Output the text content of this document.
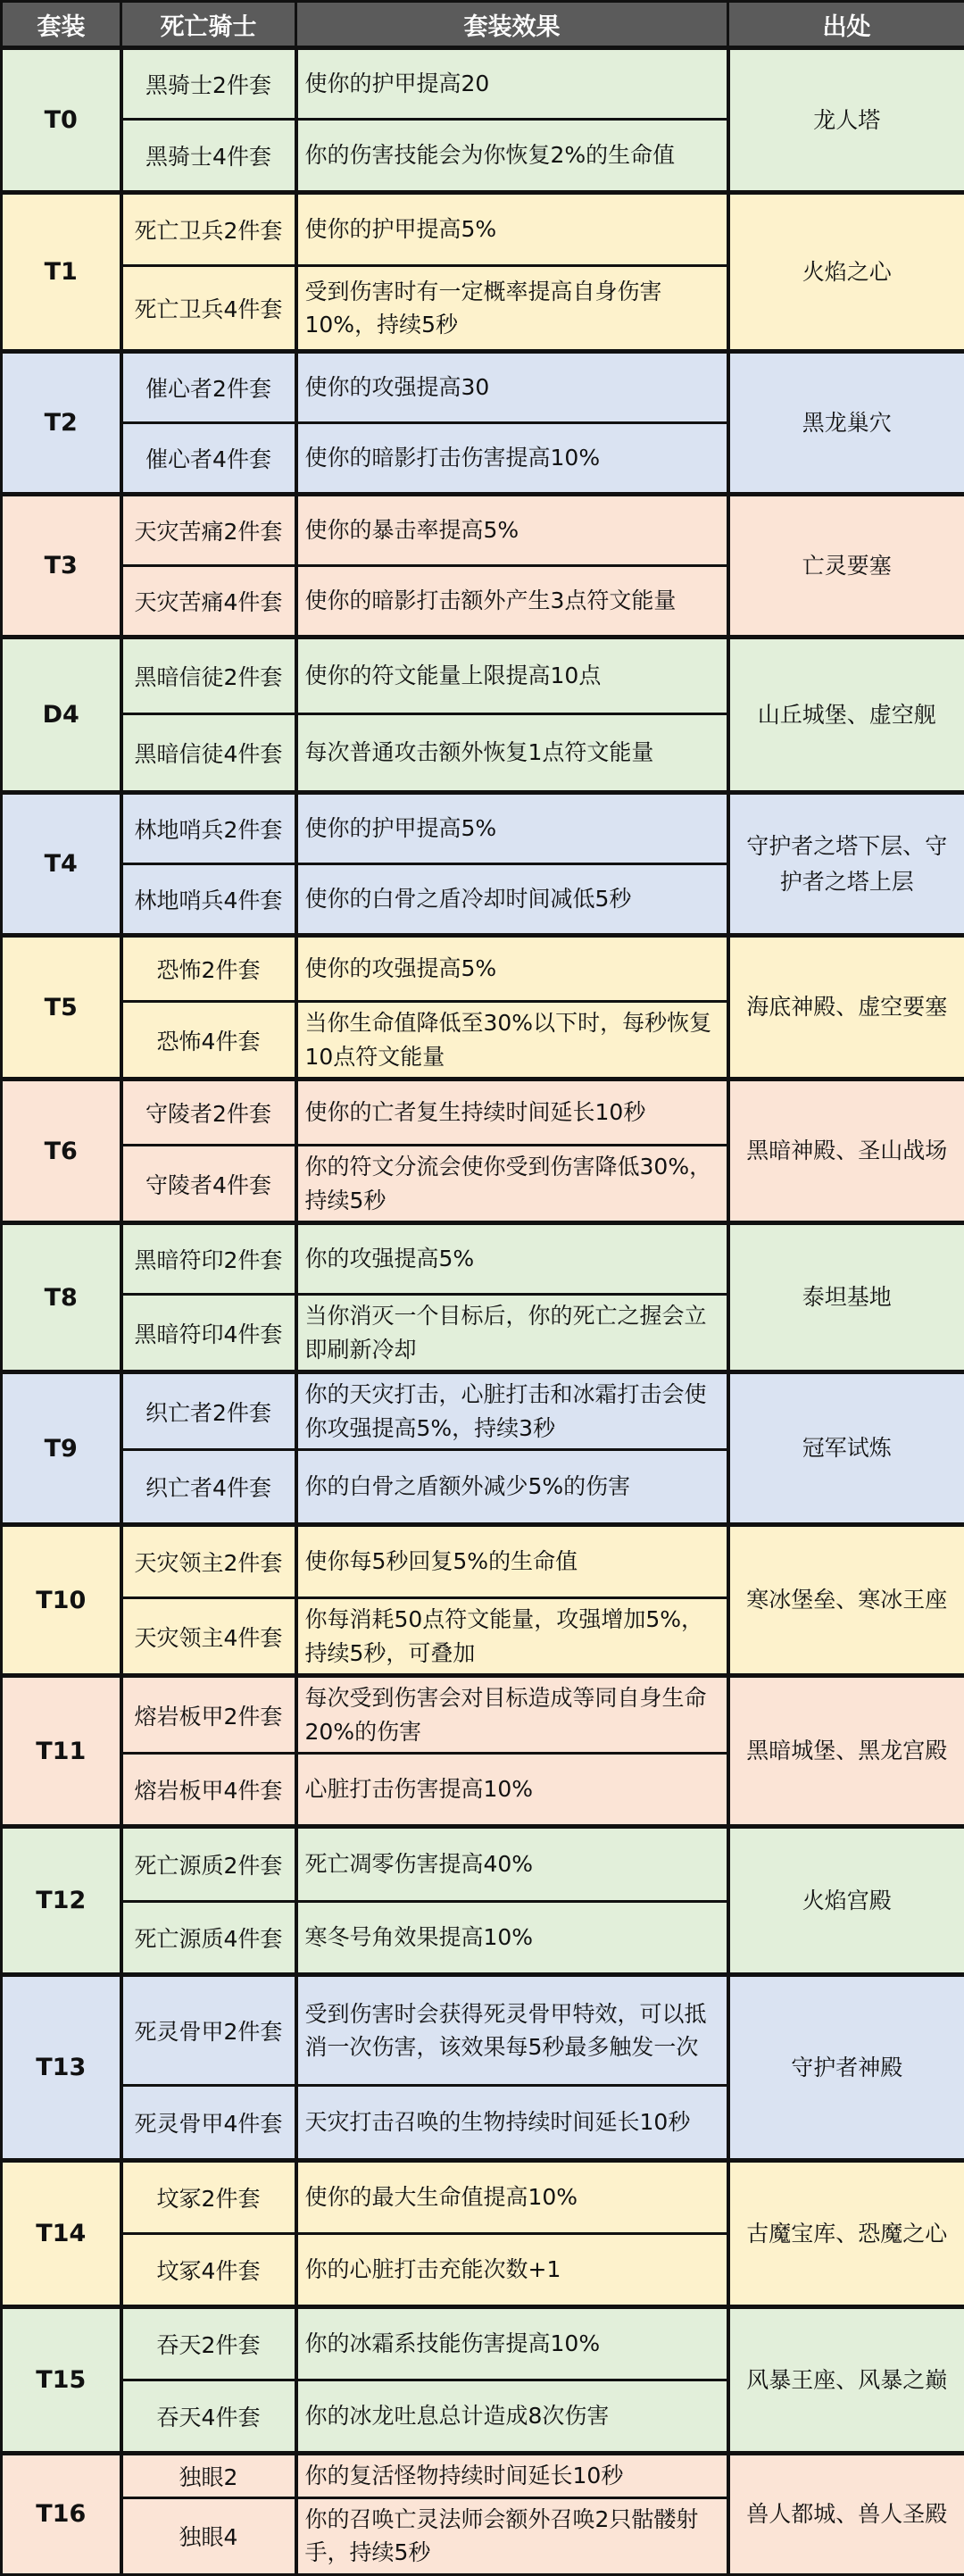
套装	死亡骑士	套装效果	出处
T0	黑骑士2件套	使你的护甲提高20	龙人塔
	黑骑士4件套	你的伤害技能会为你恢复2%的生命值	
T1	死亡卫兵2件套	使你的护甲提高5%	火焰之心
	死亡卫兵4件套	受到伤害时有一定概率提高自身伤害10%，持续5秒	
T2	催心者2件套	使你的攻强提高30	黑龙巢穴
	催心者4件套	使你的暗影打击伤害提高10%	
T3	天灾苦痛2件套	使你的暴击率提高5%	亡灵要塞
	天灾苦痛4件套	使你的暗影打击额外产生3点符文能量	
D4	黑暗信徒2件套	使你的符文能量上限提高10点	山丘城堡、虚空舰
	黑暗信徒4件套	每次普通攻击额外恢复1点符文能量	
T4	林地哨兵2件套	使你的护甲提高5%	守护者之塔下层、守护者之塔上层
	林地哨兵4件套	使你的白骨之盾冷却时间减低5秒	
T5	恐怖2件套	使你的攻强提高5%	海底神殿、虚空要塞
	恐怖4件套	当你生命值降低至30%以下时，每秒恢复10点符文能量	
T6	守陵者2件套	使你的亡者复生持续时间延长10秒	黑暗神殿、圣山战场
	守陵者4件套	你的符文分流会使你受到伤害降低30%，持续5秒	
T8	黑暗符印2件套	你的攻强提高5%	泰坦基地
	黑暗符印4件套	当你消灭一个目标后，你的死亡之握会立即刷新冷却	
T9	织亡者2件套	你的天灾打击，心脏打击和冰霜打击会使你攻强提高5%，持续3秒	冠军试炼
	织亡者4件套	你的白骨之盾额外减少5%的伤害	
T10	天灾领主2件套	使你每5秒回复5%的生命值	寒冰堡垒、寒冰王座
	天灾领主4件套	你每消耗50点符文能量，攻强增加5%，持续5秒，可叠加	
T11	熔岩板甲2件套	每次受到伤害会对目标造成等同自身生命20%的伤害	黑暗城堡、黑龙宫殿
	熔岩板甲4件套	心脏打击伤害提高10%	
T12	死亡源质2件套	死亡凋零伤害提高40%	火焰宫殿
	死亡源质4件套	寒冬号角效果提高10%	
T13	死灵骨甲2件套	受到伤害时会获得死灵骨甲特效，可以抵消一次伤害，该效果每5秒最多触发一次	守护者神殿
	死灵骨甲4件套	天灾打击召唤的生物持续时间延长10秒	
T14	坟冢2件套	使你的最大生命值提高10%	古魔宝库、恐魔之心
	坟冢4件套	你的心脏打击充能次数+1	
T15	吞天2件套	你的冰霜系技能伤害提高10%	风暴王座、风暴之巅
	吞天4件套	你的冰龙吐息总计造成8次伤害	
T16	独眼2	你的复活怪物持续时间延长10秒	兽人都城、兽人圣殿
	独眼4	你的召唤亡灵法师会额外召唤2只骷髅射手，持续5秒	
